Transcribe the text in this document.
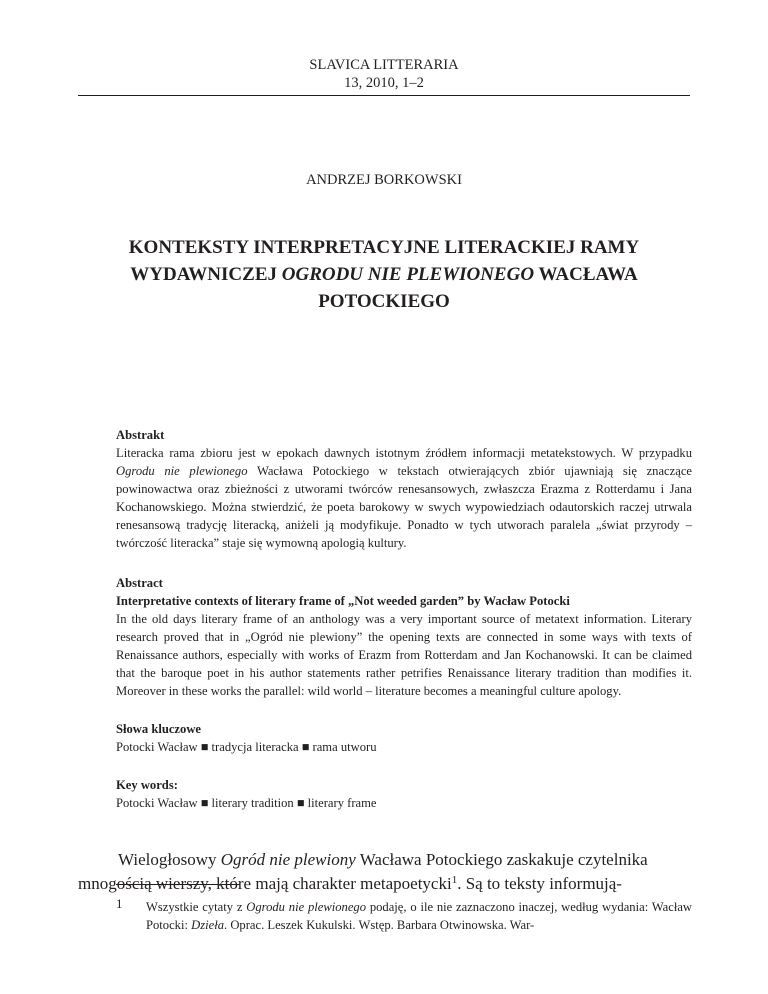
SLAVICA LITTERARIA
13, 2010, 1–2
ANDRZEJ BORKOWSKI
KONTEKSTY INTERPRETACYJNE LITERACKIEJ RAMY WYDAWNICZEJ OGRODU NIE PLEWIONEGO WACŁAWA POTOCKIEGO
Abstrakt
Literacka rama zbioru jest w epokach dawnych istotnym źródłem informacji metatekstowych. W przypadku Ogrodu nie plewionego Wacława Potockiego w tekstach otwierających zbiór ujawniają się znaczące powinowactwa oraz zbieżności z utworami twórców renesansowych, zwłaszcza Erazma z Rotterdamu i Jana Kochanowskiego. Można stwierdzić, że poeta barokowy w swych wypowiedziach odautorskich raczej utrwala renesansową tradycję literacką, aniżeli ją modyfikuje. Ponadto w tych utworach paralela „świat przyrody – twórczość literacka” staje się wymowną apologią kultury.
Abstract
Interpretative contexts of literary frame of „Not weeded garden” by Wacław Potocki
In the old days literary frame of an anthology was a very important source of metatext information. Literary research proved that in „Ogród nie plewiony” the opening texts are connected in some ways with texts of Renaissance authors, especially with works of Erazm from Rotterdam and Jan Kochanowski. It can be claimed that the baroque poet in his author statements rather petrifies Renaissance literary tradition than modifies it. Moreover in these works the parallel: wild world – literature becomes a meaningful culture apology.
Słowa kluczowe
Potocki Wacław ■ tradycja literacka ■ rama utworu
Key words:
Potocki Wacław ■ literary tradition ■ literary frame

Wielogłosowy Ogród nie plewiony Wacława Potockiego zaskakuje czytelnika mnogością wierszy, które mają charakter metapoetycki$^1$. Są to teksty informują-

1 Wszystkie cytaty z Ogrodu nie plewionego podaję, o ile nie zaznaczono inaczej, według wydania: Wacław Potocki: Dzieła. Oprac. Leszek Kukulski. Wstęp. Barbara Otwinowska. War-
